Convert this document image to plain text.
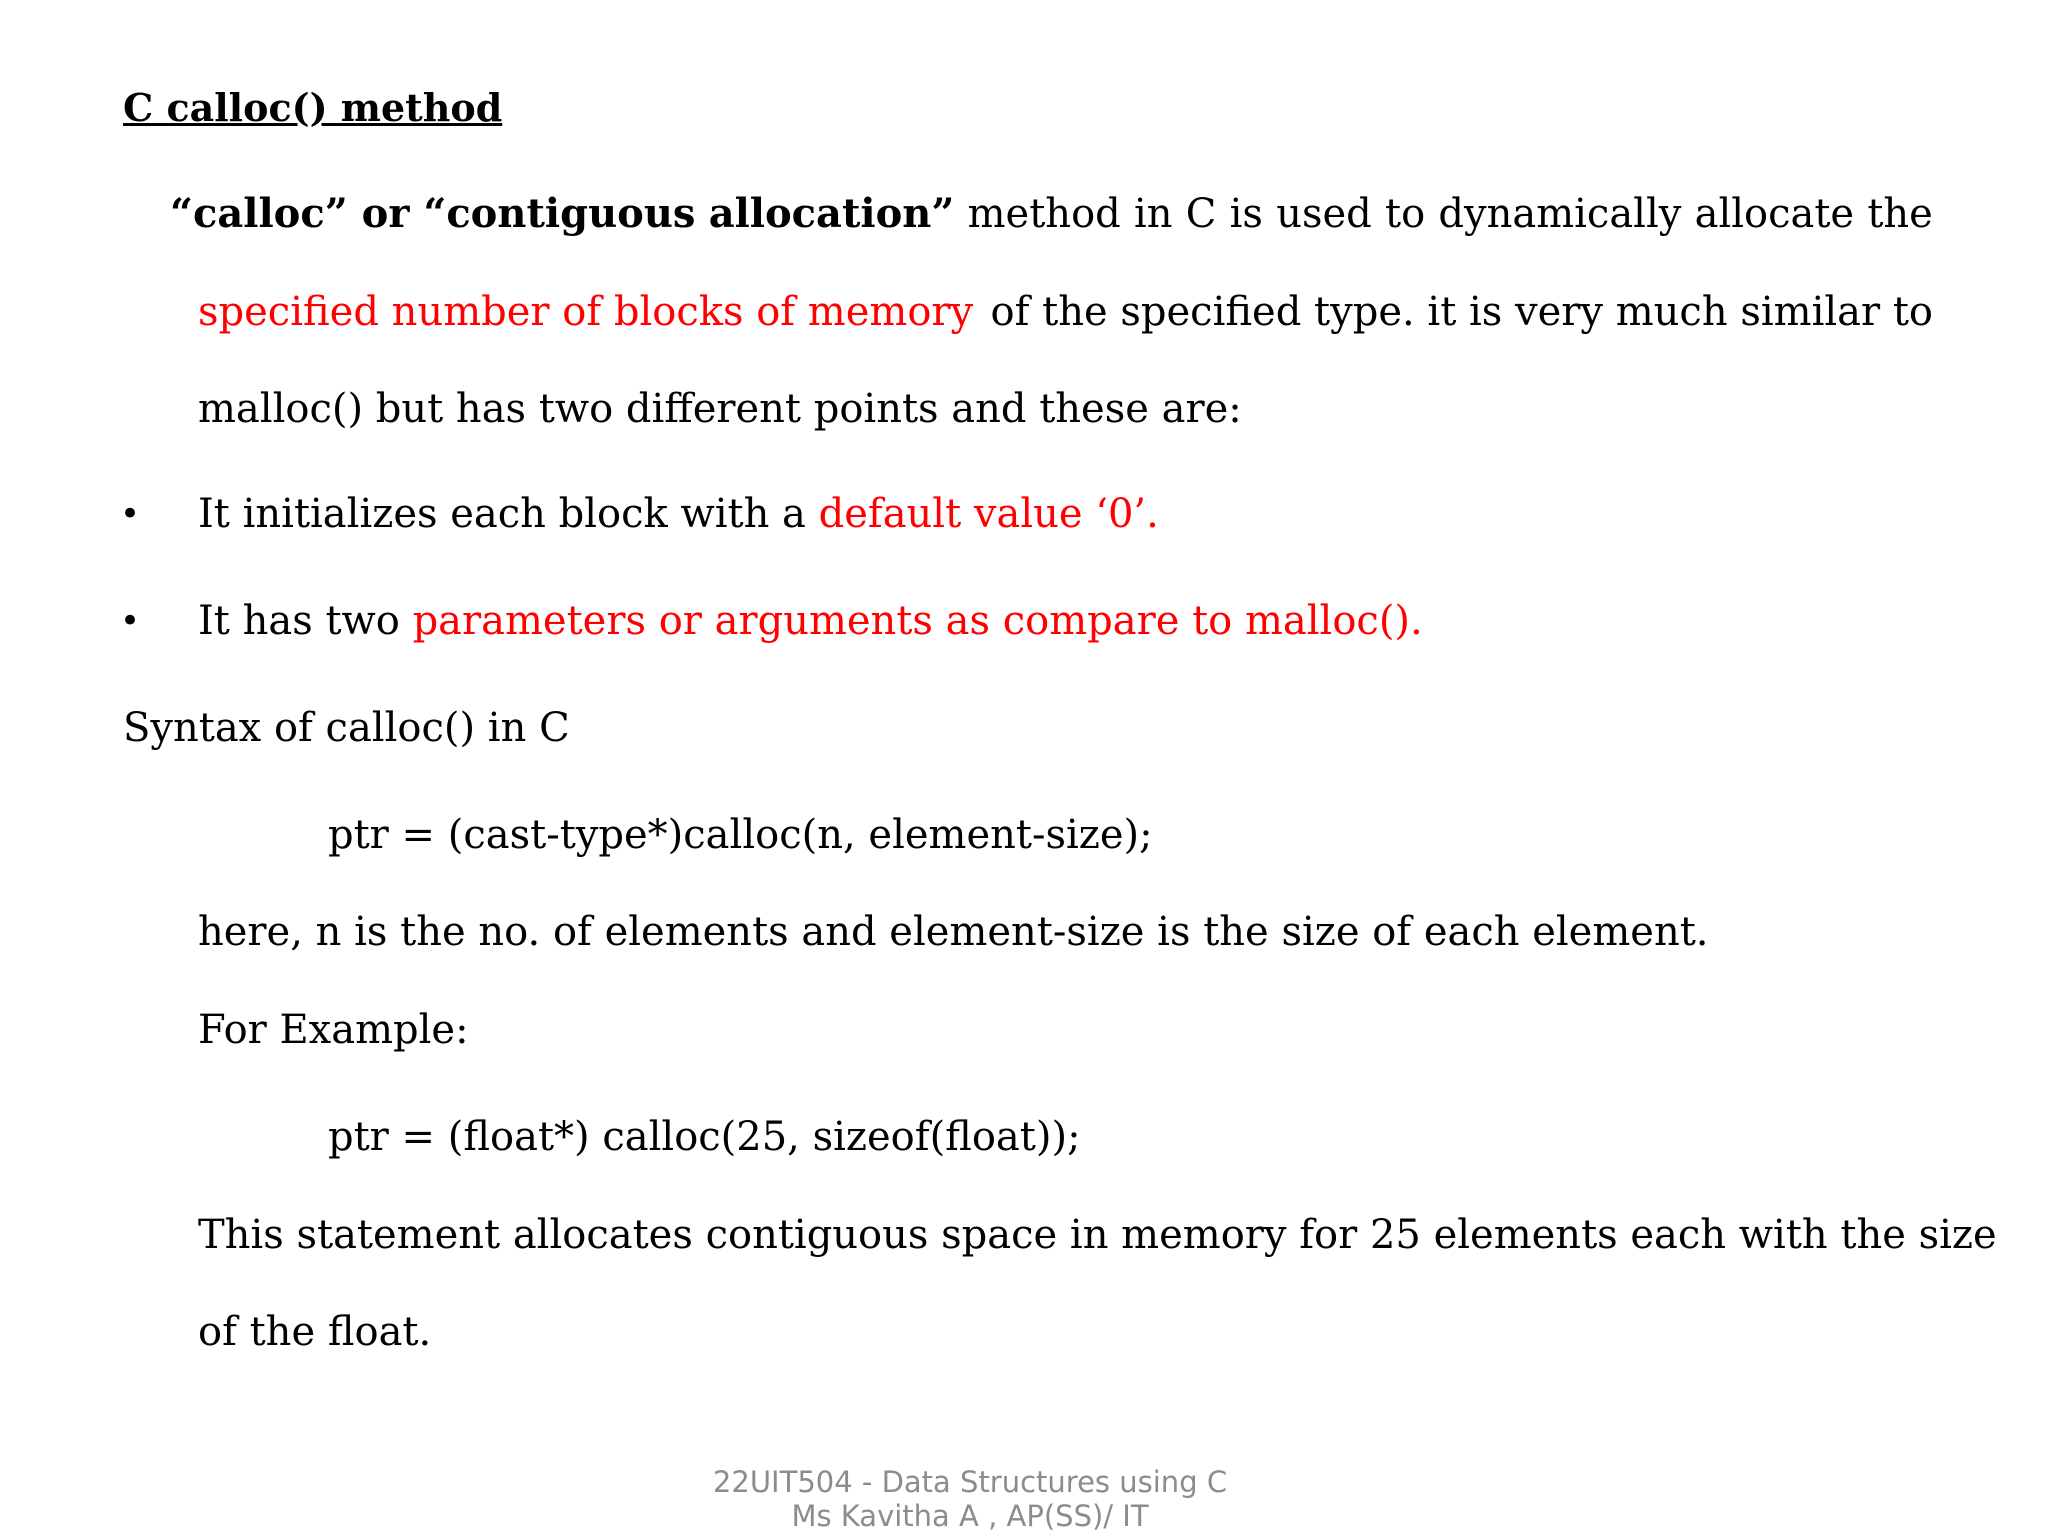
C calloc() method
“calloc” or “contiguous allocation” method in C is used to dynamically allocate the
specified number of blocks of memory of the specified type. it is very much similar to
malloc() but has two different points and these are:
• It initializes each block with a default value ‘0’.
• It has two parameters or arguments as compare to malloc().
Syntax of calloc() in C
ptr = (cast-type*)calloc(n, element-size);
here, n is the no. of elements and element-size is the size of each element.
For Example:
ptr = (float*) calloc(25, sizeof(float));
This statement allocates contiguous space in memory for 25 elements each with the size
of the float.
22UIT504 - Data Structures using C
Ms Kavitha A , AP(SS)/ IT
